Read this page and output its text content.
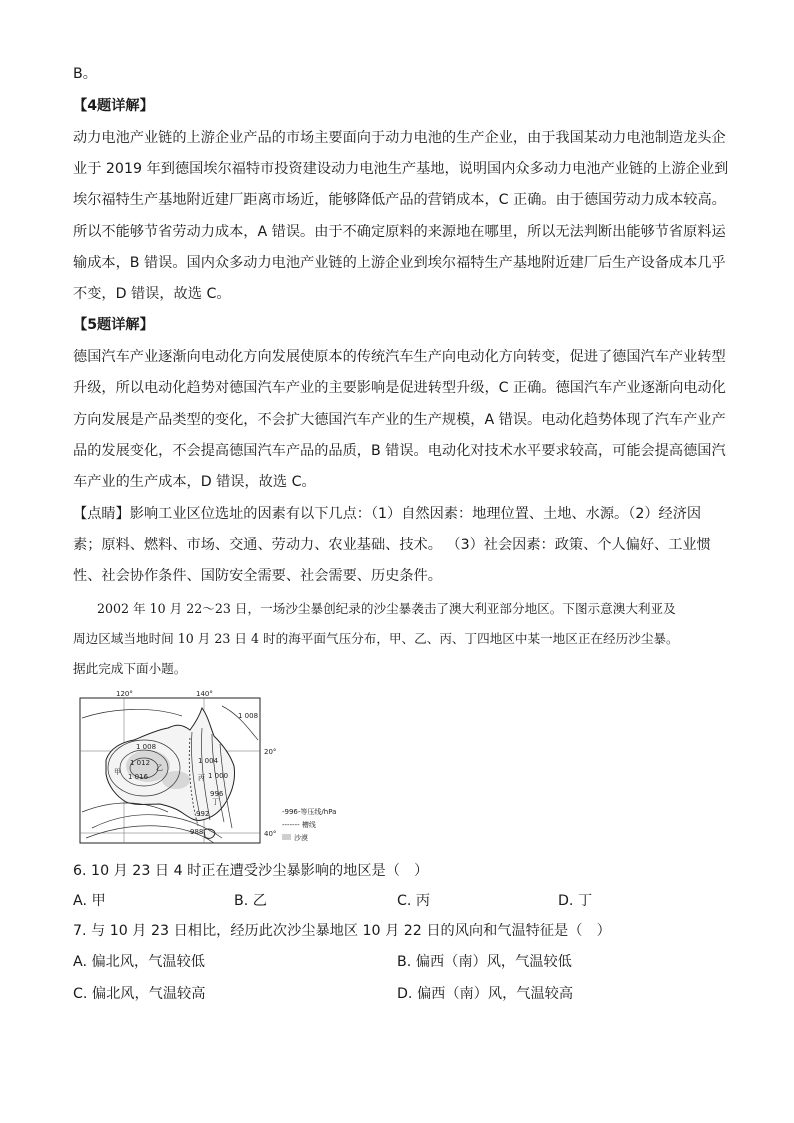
B。
【4题详解】
动力电池产业链的上游企业产品的市场主要面向于动力电池的生产企业，由于我国某动力电池制造龙头企
业于 2019 年到德国埃尔福特市投资建设动力电池生产基地，说明国内众多动力电池产业链的上游企业到
埃尔福特生产基地附近建厂距离市场近，能够降低产品的营销成本，C 正确。由于德国劳动力成本较高。
所以不能够节省劳动力成本，A 错误。由于不确定原料的来源地在哪里，所以无法判断出能够节省原料运
输成本，B 错误。国内众多动力电池产业链的上游企业到埃尔福特生产基地附近建厂后生产设备成本几乎
不变，D 错误，故选 C。
【5题详解】
德国汽车产业逐渐向电动化方向发展使原本的传统汽车生产向电动化方向转变，促进了德国汽车产业转型
升级，所以电动化趋势对德国汽车产业的主要影响是促进转型升级，C 正确。德国汽车产业逐渐向电动化
方向发展是产品类型的变化，不会扩大德国汽车产业的生产规模，A 错误。电动化趋势体现了汽车产业产
品的发展变化，不会提高德国汽车产品的品质，B 错误。电动化对技术水平要求较高，可能会提高德国汽
车产业的生产成本，D 错误，故选 C。
【点睛】影响工业区位选址的因素有以下几点：（1）自然因素：地理位置、土地、水源。（2）经济因
素；原料、燃料、市场、交通、劳动力、农业基础、技术。 （3）社会因素：政策、个人偏好、工业惯
性、社会协作条件、国防安全需要、社会需要、历史条件。
2002 年 10 月 22～23 日，一场沙尘暴创纪录的沙尘暴袭击了澳大利亚部分地区。下图示意澳大利亚及
周边区域当地时间 10 月 23 日 4 时的海平面气压分布，甲、乙、丙、丁四地区中某一地区正在经历沙尘暴。
据此完成下面小题。
120°	140°
20°
40°
1 008
1 012
1 016
1 004
1 000
996
992
988
1 008
甲	乙
丙
丁
-996-等压线/hPa
------- 槽线
沙漠
6. 10 月 23 日 4 时正在遭受沙尘暴影响的地区是（　）
A. 甲	B. 乙	C. 丙	D. 丁
7. 与 10 月 23 日相比，经历此次沙尘暴地区 10 月 22 日的风向和气温特征是（　）
A. 偏北风，气温较低	B. 偏西（南）风，气温较低
C. 偏北风，气温较高	D. 偏西（南）风，气温较高
